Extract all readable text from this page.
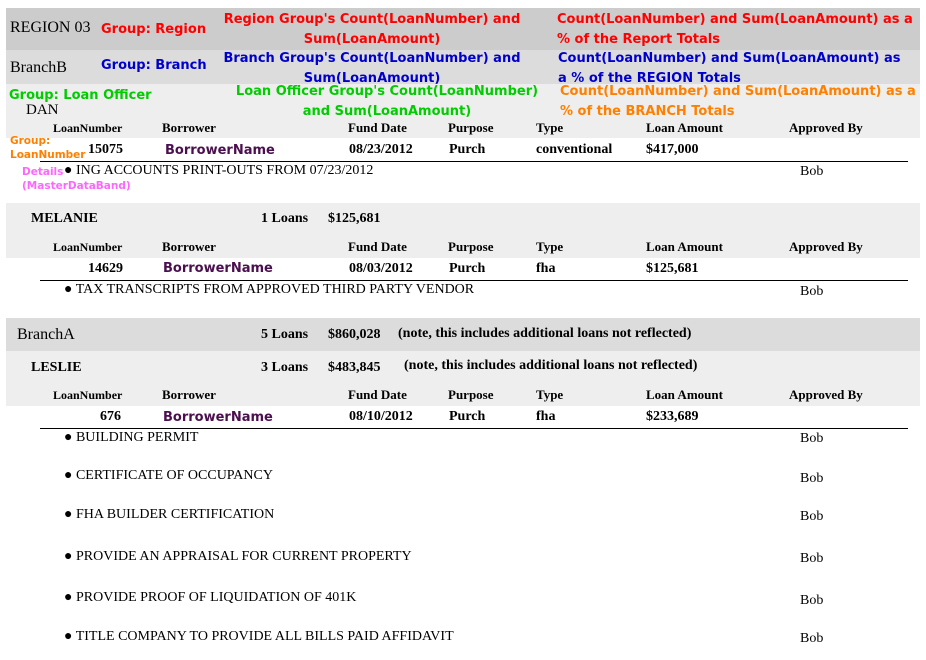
REGION 03 Group: Region
Region Group's Count(LoanNumber) and Sum(LoanAmount)
Count(LoanNumber) and Sum(LoanAmount) as a % of the Report Totals
BranchB	Group: Branch Branch Group's Count(LoanNumber) and Sum(LoanAmount)
Count(LoanNumber) and Sum(LoanAmount) as a % of the REGION Totals
Group: Loan Officer
DAN
Loan Officer Group's Count(LoanNumber) and Sum(LoanAmount)
Count(LoanNumber) and Sum(LoanAmount) as a % of the BRANCH Totals
LoanNumber	Borrower	Fund Date	Purpose	Type	Loan Amount	Approved By
Group: LoanNumber 15075	BorrowerName	08/23/2012	Purch	conventional $417,000
Details (MasterDataBand)
● ING ACCOUNTS PRINT-OUTS FROM 07/23/2012	Bob
MELANIE	1 Loans $125,681
LoanNumber	Borrower	Fund Date	Purpose	Type	Loan Amount	Approved By
14629	BorrowerName	08/03/2012	Purch	fha	$125,681
● TAX TRANSCRIPTS FROM APPROVED THIRD PARTY VENDOR	Bob
BranchA	5 Loans $860,028 (note, this includes additional loans not reflected)
LESLIE	3 Loans $483,845 (note, this includes additional loans not reflected)
LoanNumber	Borrower	Fund Date	Purpose	Type	Loan Amount	Approved By
676	BorrowerName	08/10/2012	Purch	fha	$233,689
● BUILDING PERMIT	Bob
● CERTIFICATE OF OCCUPANCY	Bob
● FHA BUILDER CERTIFICATION	Bob
● PROVIDE AN APPRAISAL FOR CURRENT PROPERTY	Bob
● PROVIDE PROOF OF LIQUIDATION OF 401K	Bob
● TITLE COMPANY TO PROVIDE ALL BILLS PAID AFFIDAVIT	Bob
